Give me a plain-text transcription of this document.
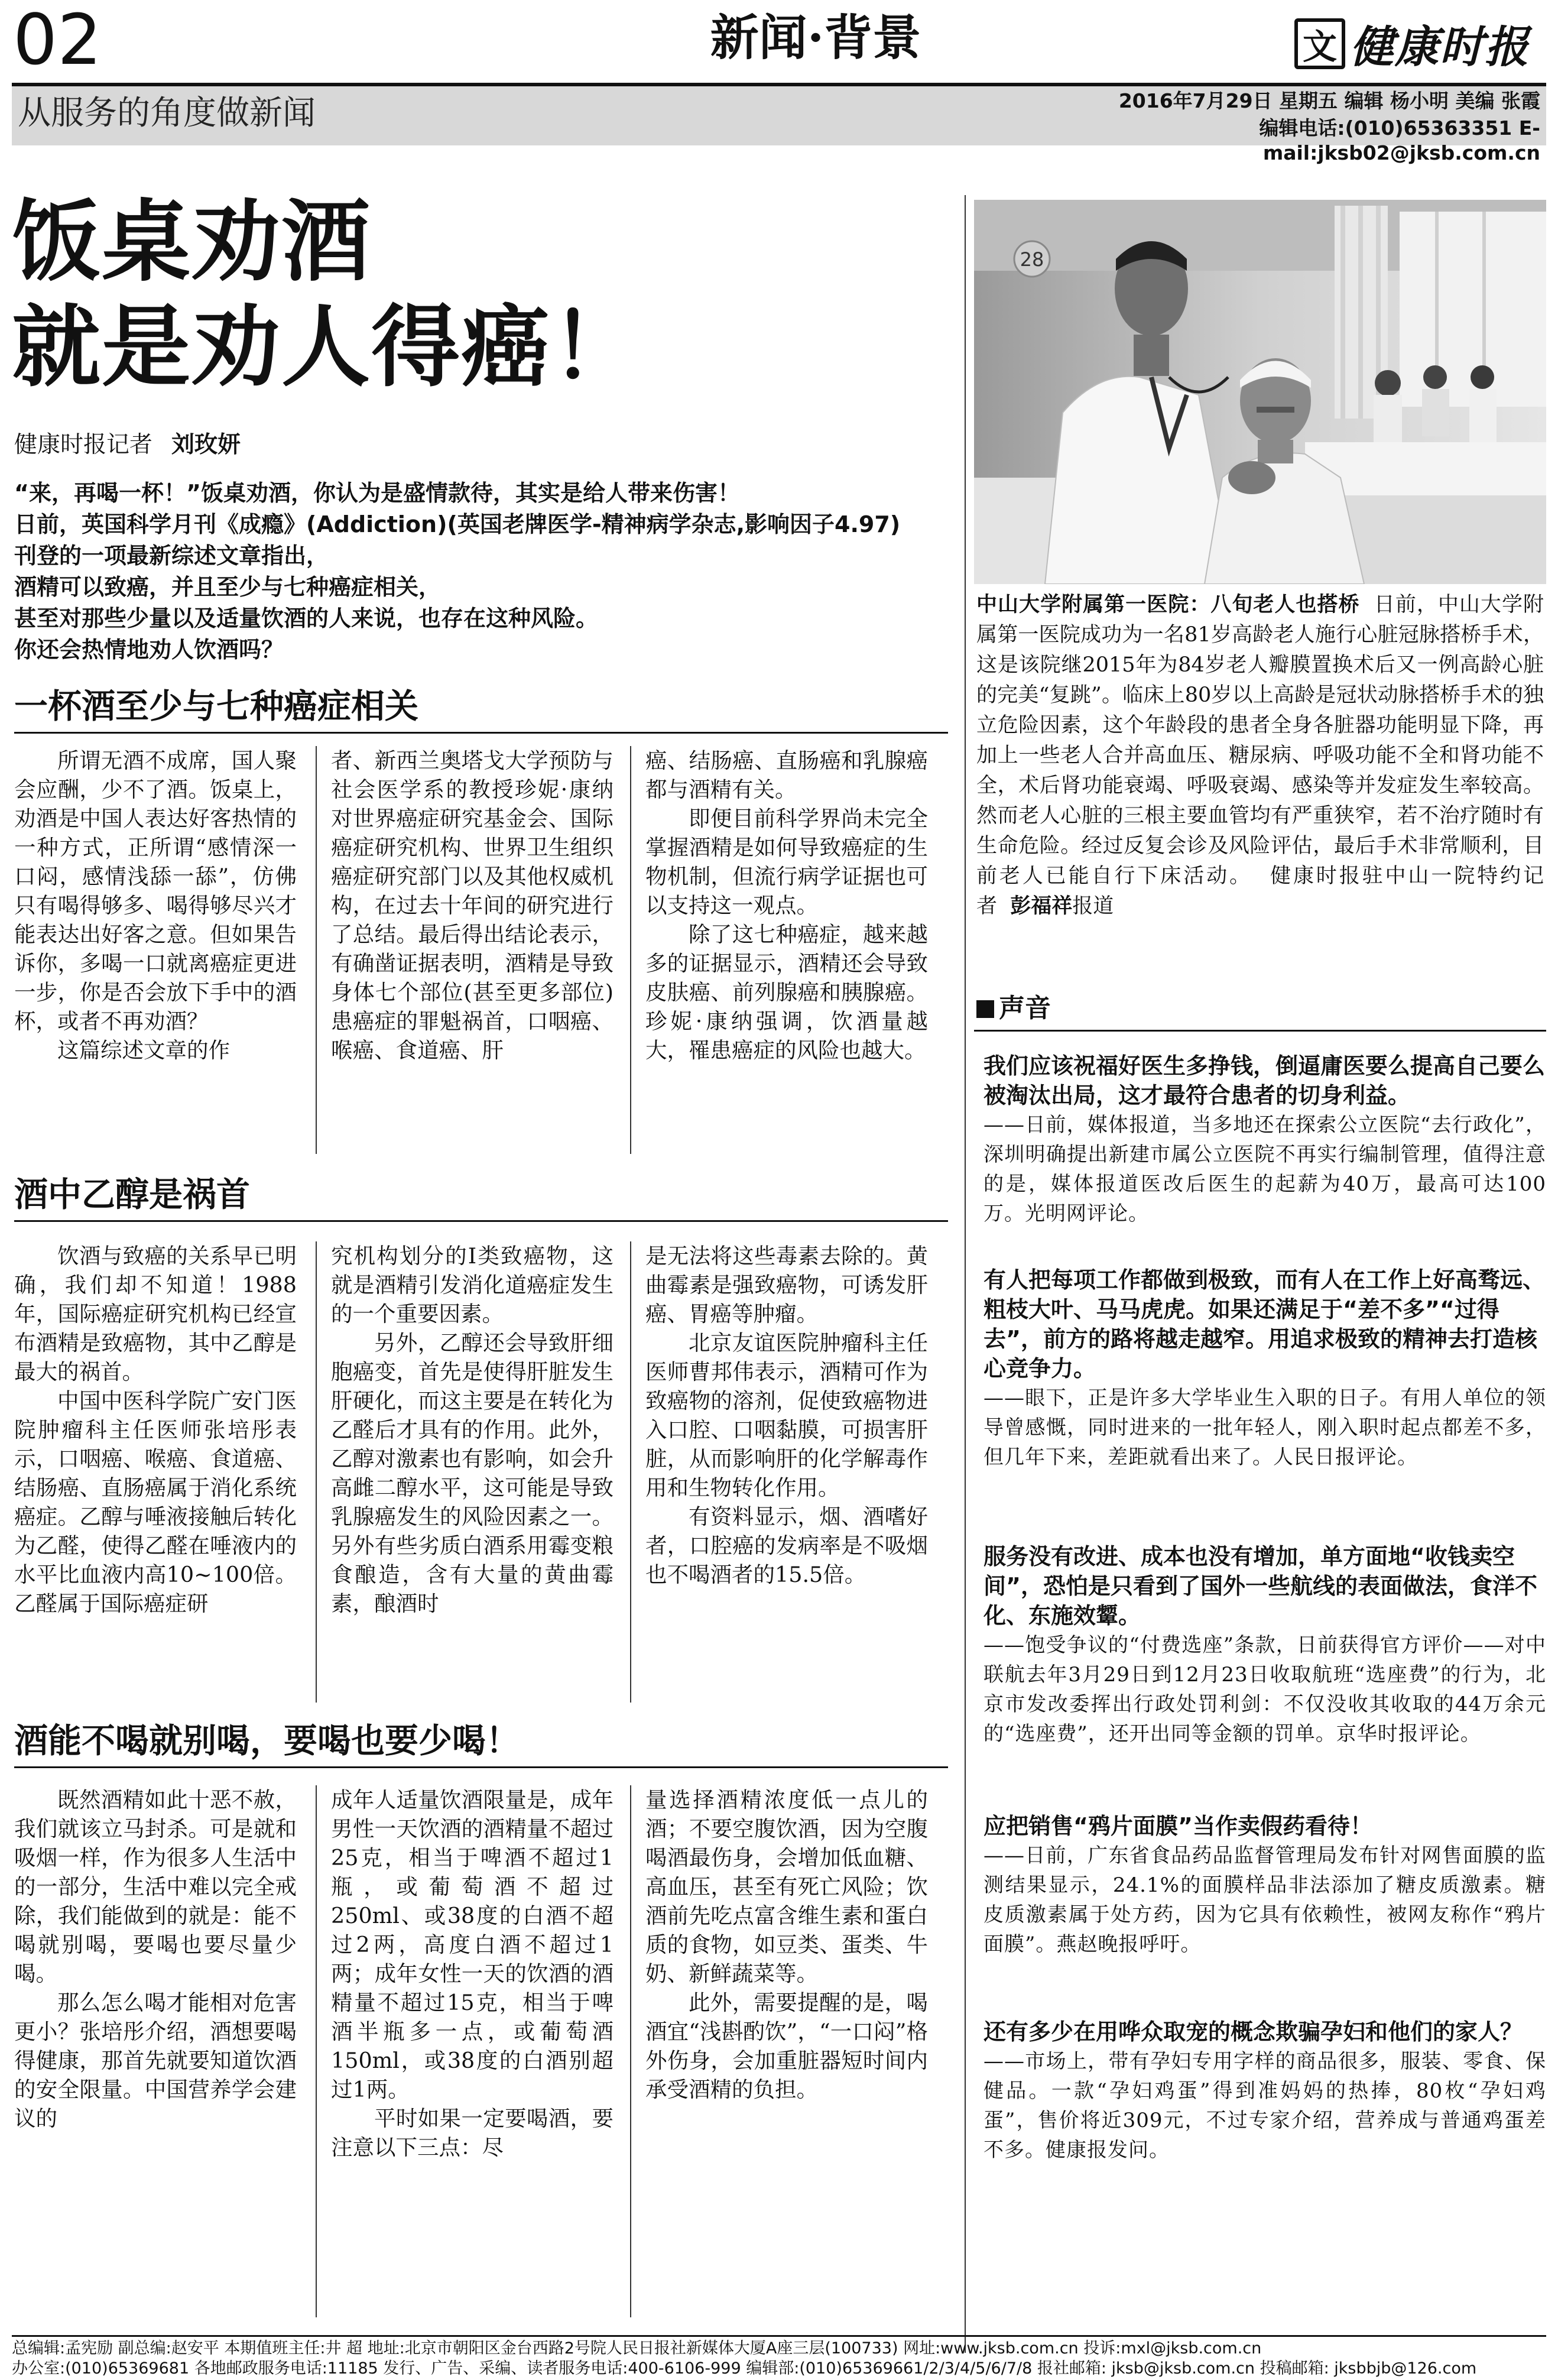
02	新闻·背景	文 健康时报
从服务的角度做新闻	2016年7月29日 星期五 编辑 杨小明 美编 张霞
编辑电话:(010)65363351 E-mail:jksb02@jksb.com.cn
饭桌劝酒
就是劝人得癌！
健康时报记者 刘玫妍
“来，再喝一杯！”饭桌劝酒，你认为是盛情款待，其实是给人带来伤害！
日前，英国科学月刊《成瘾》(Addiction)(英国老牌医学-精神病学杂志,影响因子4.97)
刊登的一项最新综述文章指出，
酒精可以致癌，并且至少与七种癌症相关，
甚至对那些少量以及适量饮酒的人来说，也存在这种风险。
你还会热情地劝人饮酒吗？
一杯酒至少与七种癌症相关

所谓无酒不成席，国人聚会应酬，少不了酒。饭桌上，劝酒是中国人表达好客热情的一种方式，正所谓“感情深一口闷，感情浅舔一舔”，仿佛只有喝得够多、喝得够尽兴才能表达出好客之意。但如果告诉你，多喝一口就离癌症更进一步，你是否会放下手中的酒杯，或者不再劝酒？

这篇综述文章的作

者、新西兰奥塔戈大学预防与社会医学系的教授珍妮·康纳对世界癌症研究基金会、国际癌症研究机构、世界卫生组织癌症研究部门以及其他权威机构，在过去十年间的研究进行了总结。最后得出结论表示，有确凿证据表明，酒精是导致身体七个部位(甚至更多部位)患癌症的罪魁祸首，口咽癌、喉癌、食道癌、肝

癌、结肠癌、直肠癌和乳腺癌都与酒精有关。

即便目前科学界尚未完全掌握酒精是如何导致癌症的生物机制，但流行病学证据也可以支持这一观点。

除了这七种癌症，越来越多的证据显示，酒精还会导致皮肤癌、前列腺癌和胰腺癌。珍妮·康纳强调，饮酒量越大，罹患癌症的风险也越大。

酒中乙醇是祸首

饮酒与致癌的关系早已明确，我们却不知道！1988年，国际癌症研究机构已经宣布酒精是致癌物，其中乙醇是最大的祸首。

中国中医科学院广安门医院肿瘤科主任医师张培彤表示，口咽癌、喉癌、食道癌、结肠癌、直肠癌属于消化系统癌症。乙醇与唾液接触后转化为乙醛，使得乙醛在唾液内的水平比血液内高10~100倍。乙醛属于国际癌症研

究机构划分的Ⅰ类致癌物，这就是酒精引发消化道癌症发生的一个重要因素。

另外，乙醇还会导致肝细胞癌变，首先是使得肝脏发生肝硬化，而这主要是在转化为乙醛后才具有的作用。此外，乙醇对激素也有影响，如会升高雌二醇水平，这可能是导致乳腺癌发生的风险因素之一。另外有些劣质白酒系用霉变粮食酿造，含有大量的黄曲霉素，酿酒时

是无法将这些毒素去除的。黄曲霉素是强致癌物，可诱发肝癌、胃癌等肿瘤。

北京友谊医院肿瘤科主任医师曹邦伟表示，酒精可作为致癌物的溶剂，促使致癌物进入口腔、口咽黏膜，可损害肝脏，从而影响肝的化学解毒作用和生物转化作用。

有资料显示，烟、酒嗜好者，口腔癌的发病率是不吸烟也不喝酒者的15.5倍。

酒能不喝就别喝，要喝也要少喝！

既然酒精如此十恶不赦，我们就该立马封杀。可是就和吸烟一样，作为很多人生活中的一部分，生活中难以完全戒除，我们能做到的就是：能不喝就别喝，要喝也要尽量少喝。

那么怎么喝才能相对危害更小？张培彤介绍，酒想要喝得健康，那首先就要知道饮酒的安全限量。中国营养学会建议的

成年人适量饮酒限量是，成年男性一天饮酒的酒精量不超过25克，相当于啤酒不超过1瓶，或葡萄酒不超过250ml、或38度的白酒不超过2两，高度白酒不超过1两；成年女性一天的饮酒的酒精量不超过15克，相当于啤酒半瓶多一点，或葡萄酒150ml，或38度的白酒别超过1两。

平时如果一定要喝酒，要注意以下三点：尽

量选择酒精浓度低一点儿的酒；不要空腹饮酒，因为空腹喝酒最伤身，会增加低血糖、高血压，甚至有死亡风险；饮酒前先吃点富含维生素和蛋白质的食物，如豆类、蛋类、牛奶、新鲜蔬菜等。

此外，需要提醒的是，喝酒宜“浅斟酌饮”，“一口闷”格外伤身，会加重脏器短时间内承受酒精的负担。

28
中山大学附属第一医院：八旬老人也搭桥 日前，中山大学附属第一医院成功为一名81岁高龄老人施行心脏冠脉搭桥手术，这是该院继2015年为84岁老人瓣膜置换术后又一例高龄心脏的完美“复跳”。临床上80岁以上高龄是冠状动脉搭桥手术的独立危险因素，这个年龄段的患者全身各脏器功能明显下降，再加上一些老人合并高血压、糖尿病、呼吸功能不全和肾功能不全，术后肾功能衰竭、呼吸衰竭、感染等并发症发生率较高。然而老人心脏的三根主要血管均有严重狭窄，若不治疗随时有生命危险。经过反复会诊及风险评估，最后手术非常顺利，目前老人已能自行下床活动。 健康时报驻中山一院特约记者 彭福祥报道
声音
我们应该祝福好医生多挣钱，倒逼庸医要么提高自己要么被淘汰出局，这才最符合患者的切身利益。
——日前，媒体报道，当多地还在探索公立医院“去行政化”，深圳明确提出新建市属公立医院不再实行编制管理，值得注意的是，媒体报道医改后医生的起薪为40万，最高可达100万。光明网评论。
有人把每项工作都做到极致，而有人在工作上好高骛远、粗枝大叶、马马虎虎。如果还满足于“差不多”“过得去”，前方的路将越走越窄。用追求极致的精神去打造核心竞争力。
——眼下，正是许多大学毕业生入职的日子。有用人单位的领导曾感慨，同时进来的一批年轻人，刚入职时起点都差不多，但几年下来，差距就看出来了。人民日报评论。
服务没有改进、成本也没有增加，单方面地“收钱卖空间”，恐怕是只看到了国外一些航线的表面做法，食洋不化、东施效颦。
——饱受争议的“付费选座”条款，日前获得官方评价——对中联航去年3月29日到12月23日收取航班“选座费”的行为，北京市发改委挥出行政处罚利剑：不仅没收其收取的44万余元的“选座费”，还开出同等金额的罚单。京华时报评论。
应把销售“鸦片面膜”当作卖假药看待！
——日前，广东省食品药品监督管理局发布针对网售面膜的监测结果显示，24.1%的面膜样品非法添加了糖皮质激素。糖皮质激素属于处方药，因为它具有依赖性，被网友称作“鸦片面膜”。燕赵晚报呼吁。
还有多少在用哗众取宠的概念欺骗孕妇和他们的家人？
——市场上，带有孕妇专用字样的商品很多，服装、零食、保健品。一款“孕妇鸡蛋”得到准妈妈的热捧，80枚“孕妇鸡蛋”，售价将近309元，不过专家介绍，营养成与普通鸡蛋差不多。健康报发问。
总编辑:孟宪励 副总编:赵安平 本期值班主任:井 超 地址:北京市朝阳区金台西路2号院人民日报社新媒体大厦A座三层(100733) 网址:www.jksb.com.cn 投诉:mxl@jksb.com.cn
办公室:(010)65369681 各地邮政服务电话:11185 发行、广告、采编、读者服务电话:400-6106-999 编辑部:(010)65369661/2/3/4/5/6/7/8 报社邮箱: jksb@jksb.com.cn 投稿邮箱: jksbbjb@126.com
